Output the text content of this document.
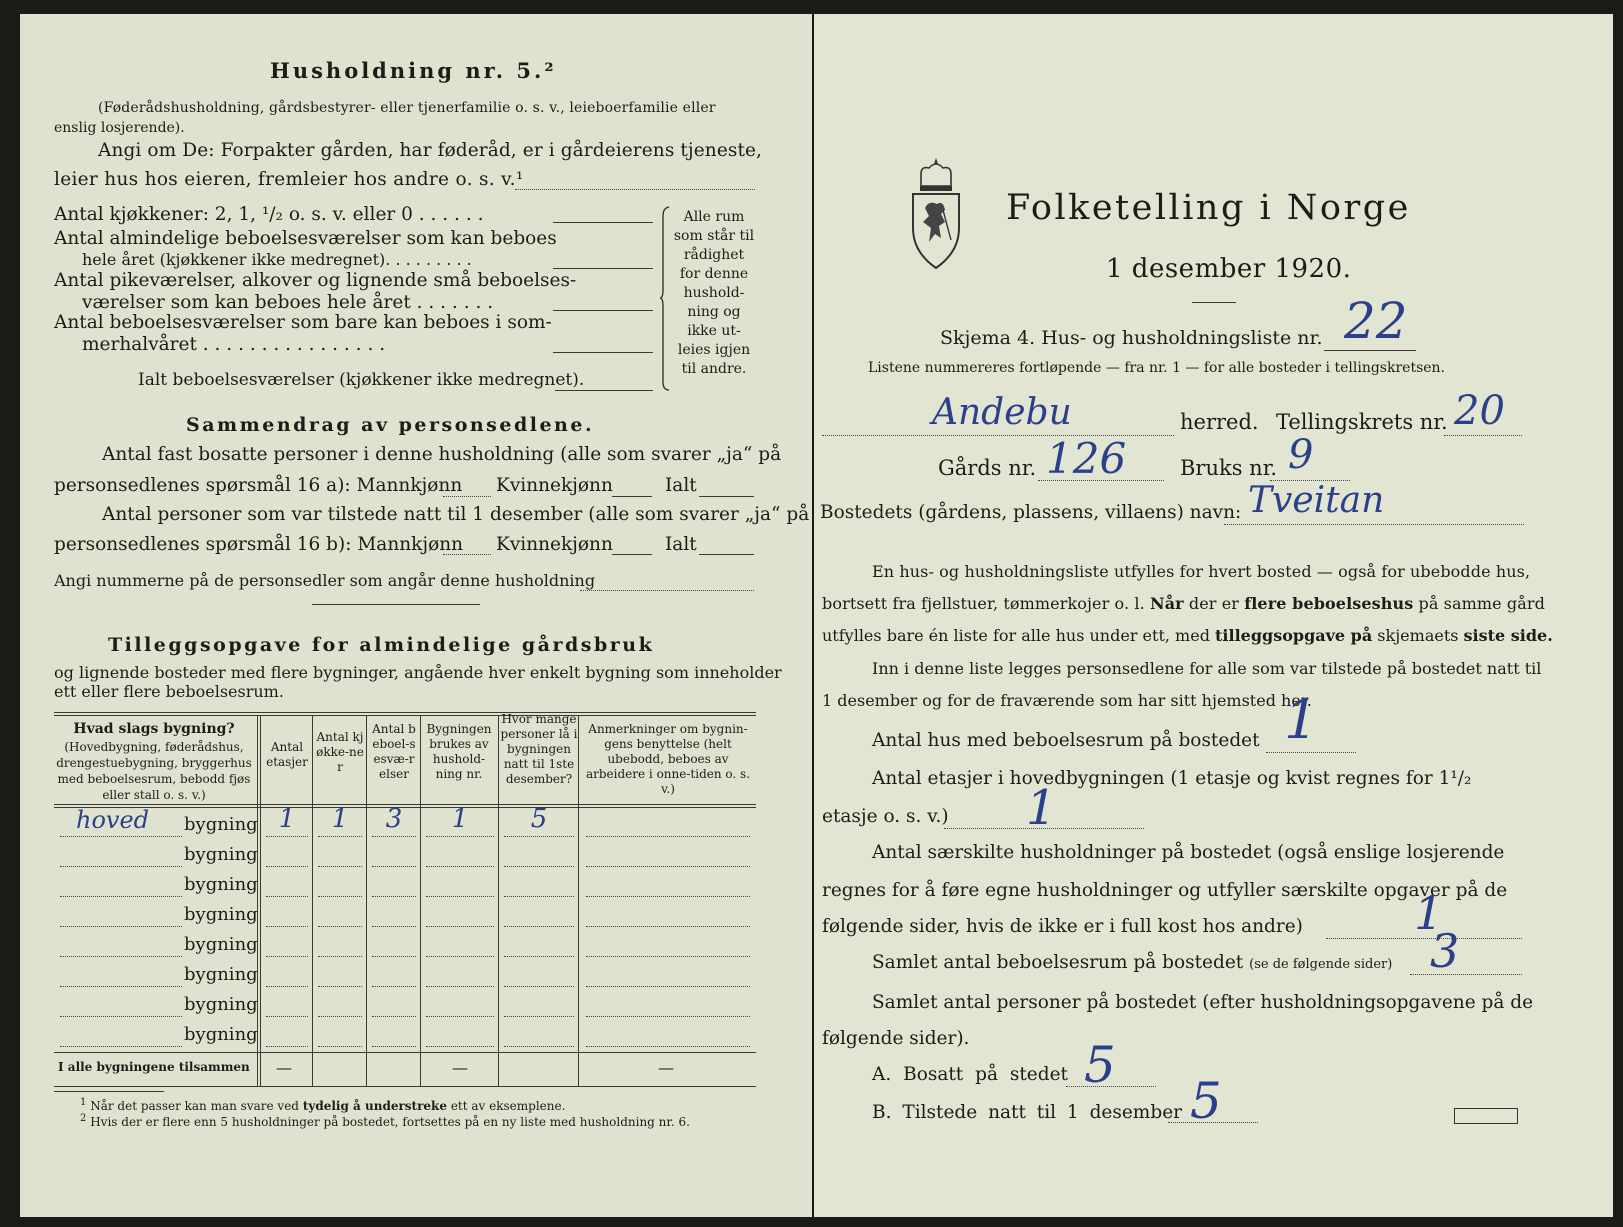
Husholdning nr. 5.²
(Føderådshusholdning, gårdsbestyrer- eller tjenerfamilie o. s. v., leieboerfamilie eller
enslig losjerende).
Angi om De: Forpakter gården, har føderåd, er i gårdeierens tjeneste,
leier hus hos eieren, fremleier hos andre o. s. v.¹
Antal kjøkkener: 2, 1, ¹/₂ o. s. v. eller 0 . . . . . .
Antal almindelige beboelsesværelser som kan beboes
hele året (kjøkkener ikke medregnet). . . . . . . . .
Antal pikeværelser, alkover og lignende små beboelses-
værelser som kan beboes hele året . . . . . . .
Antal beboelsesværelser som bare kan beboes i som-
merhalvåret . . . . . . . . . . . . . . . .
Ialt beboelsesværelser (kjøkkener ikke medregnet).
Alle rum
som står til
rådighet
for denne
hushold-
ning og
ikke ut-
leies igjen
til andre.
Sammendrag av personsedlene.
Antal fast bosatte personer i denne husholdning (alle som svarer „ja“ på
personsedlenes spørsmål 16 a): Mannkjønn Kvinnekjønn	Ialt
Antal personer som var tilstede natt til 1 desember (alle som svarer „ja“ på
personsedlenes spørsmål 16 b): Mannkjønn Kvinnekjønn	Ialt
Angi nummerne på de personsedler som angår denne husholdning
Tilleggsopgave for almindelige gårdsbruk
og lignende bosteder med flere bygninger, angående hver enkelt bygning som inneholder
ett eller flere beboelsesrum.
Hvad slags bygning?
(Hovedbygning, føderådshus, drengestuebygning, bryggerhus med beboelsesrum, bebodd fjøs eller stall o. s. v.)
Antal etasjer
Antal kjøkke-ner
Antal beboel-sesvæ-relser
Bygningen brukes av hushold-ning nr.
Hvor mange personer lå i bygningen natt til 1ste desember?
Anmerkninger om bygnin-gens benyttelse (helt ubebodd, beboes av arbeidere i onne-tiden o. s. v.)
hoved bygning 1	1	3	1	5
bygning
bygning
bygning
bygning
bygning
bygning
bygning
I alle bygningene tilsammen —	—	—
$^1$ Når det passer kan man svare ved tydelig å understreke ett av eksemplene.
$^2$ Hvis der er flere enn 5 husholdninger på bostedet, fortsettes på en ny liste med husholdning nr. 6.
Folketelling i Norge
1 desember 1920.
Skjema 4. Hus- og husholdningsliste nr. 22
Listene nummereres fortløpende — fra nr. 1 — for alle bosteder i tellingskretsen.
Andebu	herred. Tellingskrets nr. 20
Gårds nr. 126	Bruks nr. 9
Bostedets (gårdens, plassens, villaens) navn: Tveitan
En hus- og husholdningsliste utfylles for hvert bosted — også for ubebodde hus,
bortsett fra fjellstuer, tømmerkojer o. l. Når der er flere beboelseshus på samme gård
utfylles bare én liste for alle hus under ett, med tilleggsopgave på skjemaets siste side.
Inn i denne liste legges personsedlene for alle som var tilstede på bostedet natt til
1 desember og for de fraværende som har sitt hjemsted her.
Antal hus med beboelsesrum på bostedet 1
Antal etasjer i hovedbygningen (1 etasje og kvist regnes for 1¹/₂
etasje o. s. v.) 1
Antal særskilte husholdninger på bostedet (også enslige losjerende
regnes for å føre egne husholdninger og utfyller særskilte opgaver på de
følgende sider, hvis de ikke er i full kost hos andre) 1
Samlet antal beboelsesrum på bostedet (se de følgende sider) 3
Samlet antal personer på bostedet (efter husholdningsopgavene på de
følgende sider).
A. Bosatt på stedet 5
B. Tilstede natt til 1 desember 5
